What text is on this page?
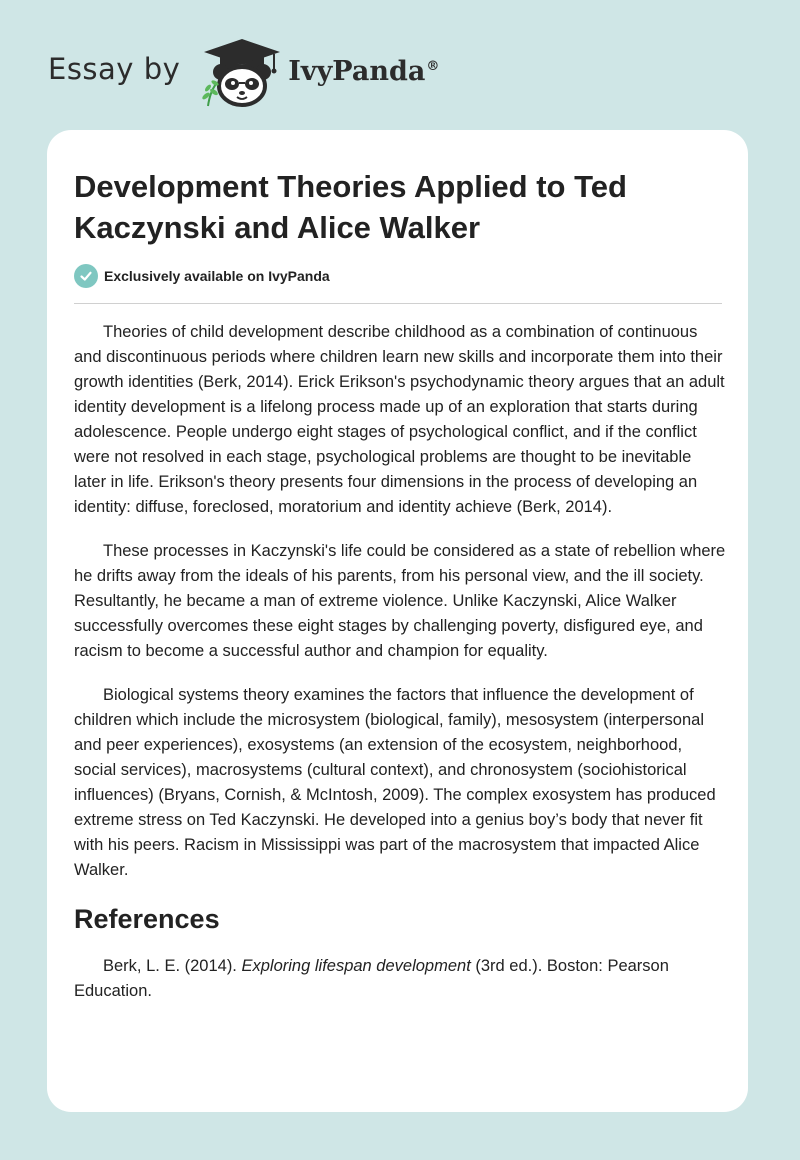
Essay by	IvyPanda®
Development Theories Applied to Ted Kaczynski and Alice Walker
Exclusively available on IvyPanda

Theories of child development describe childhood as a combination of continuous and discontinuous periods where children learn new skills and incorporate them into their growth identities (Berk, 2014). Erick Erikson's psychodynamic theory argues that an adult identity development is a lifelong process made up of an exploration that starts during adolescence. People undergo eight stages of psychological conflict, and if the conflict were not resolved in each stage, psychological problems are thought to be inevitable later in life. Erikson's theory presents four dimensions in the process of developing an identity: diffuse, foreclosed, moratorium and identity achieve (Berk, 2014).

These processes in Kaczynski's life could be considered as a state of rebellion where he drifts away from the ideals of his parents, from his personal view, and the ill society. Resultantly, he became a man of extreme violence. Unlike Kaczynski, Alice Walker successfully overcomes these eight stages by challenging poverty, disfigured eye, and racism to become a successful author and champion for equality.

Biological systems theory examines the factors that influence the development of children which include the microsystem (biological, family), mesosystem (interpersonal and peer experiences), exosystems (an extension of the ecosystem, neighborhood, social services), macrosystems (cultural context), and chronosystem (sociohistorical influences) (Bryans, Cornish, & McIntosh, 2009). The complex exosystem has produced extreme stress on Ted Kaczynski. He developed into a genius boy’s body that never fit with his peers. Racism in Mississippi was part of the macrosystem that impacted Alice Walker.

References

Berk, L. E. (2014). Exploring lifespan development (3rd ed.). Boston: Pearson Education.
